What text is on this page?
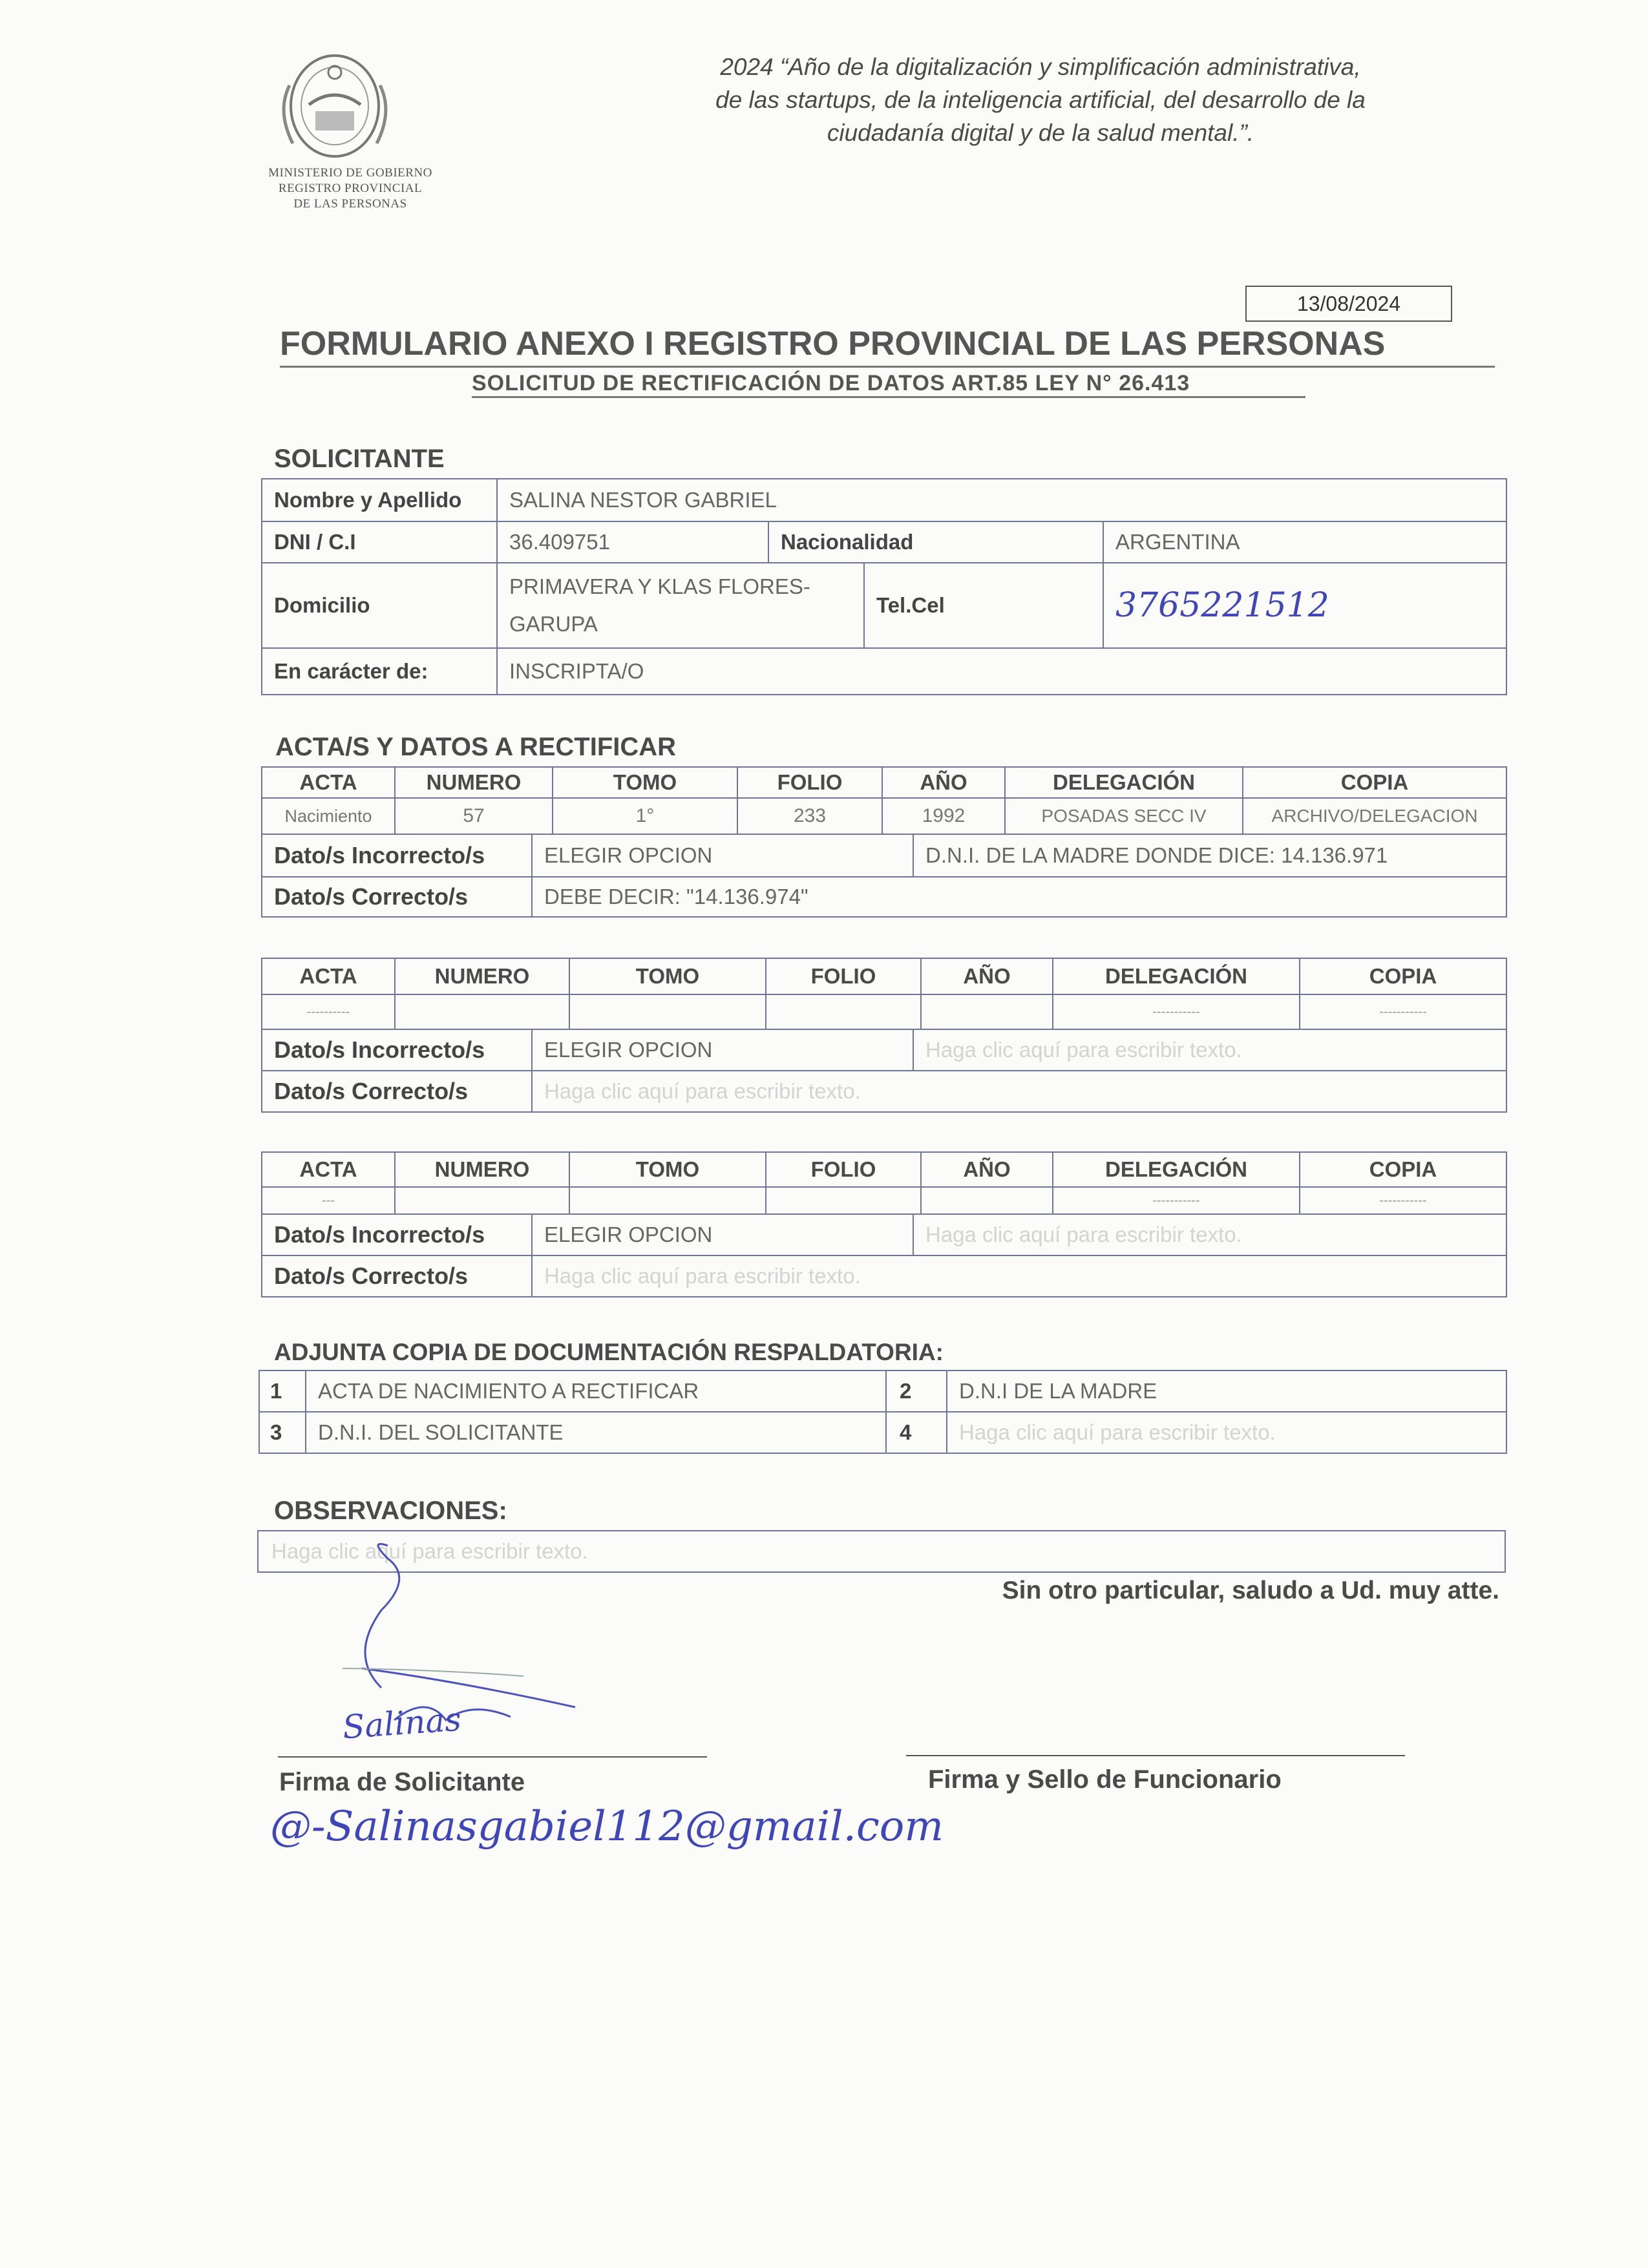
MINISTERIO DE GOBIERNO
REGISTRO PROVINCIAL
DE LAS PERSONAS
2024 “Año de la digitalización y simplificación administrativa,
de las startups, de la inteligencia artificial, del desarrollo de la
ciudadanía digital y de la salud mental.”.
13/08/2024
FORMULARIO ANEXO I REGISTRO PROVINCIAL DE LAS PERSONAS
SOLICITUD DE RECTIFICACIÓN DE DATOS ART.85 LEY N° 26.413
SOLICITANTE
Nombre y Apellido	SALINA NESTOR GABRIEL			
DNI / C.I	36.409751	Nacionalidad		ARGENTINA
Domicilio	PRIMAVERA Y KLAS FLORES-
GARUPA		Tel.Cel	3765221512
En carácter de:	INSCRIPTA/O			
ACTA/S Y DATOS A RECTIFICAR
ACTA	NUMERO	TOMO	FOLIO	AÑO	DELEGACIÓN	COPIA
Nacimiento	57	1°	233	1992	POSADAS SECC IV	ARCHIVO/DELEGACION
Dato/s Incorrecto/s	ELEGIR OPCION	D.N.I. DE LA MADRE DONDE DICE: 14.136.971
Dato/s Correcto/s	DEBE DECIR: "14.136.974"	
ACTA	NUMERO	TOMO	FOLIO	AÑO	DELEGACIÓN	COPIA
----------					-----------	-----------
Dato/s Incorrecto/s	ELEGIR OPCION	Haga clic aquí para escribir texto.
Dato/s Correcto/s	Haga clic aquí para escribir texto.	
ACTA	NUMERO	TOMO	FOLIO	AÑO	DELEGACIÓN	COPIA
---					-----------	-----------
Dato/s Incorrecto/s	ELEGIR OPCION	Haga clic aquí para escribir texto.
Dato/s Correcto/s	Haga clic aquí para escribir texto.	
ADJUNTA COPIA DE DOCUMENTACIÓN RESPALDATORIA:
1	ACTA DE NACIMIENTO A RECTIFICAR	2	D.N.I DE LA MADRE
3	D.N.I. DEL SOLICITANTE	4	Haga clic aquí para escribir texto.
OBSERVACIONES:
Haga clic aquí para escribir texto.
Sin otro particular, saludo a Ud. muy atte.
Salinas
Firma de Solicitante	Firma y Sello de Funcionario
@-Salinasgabiel112@gmail.com
